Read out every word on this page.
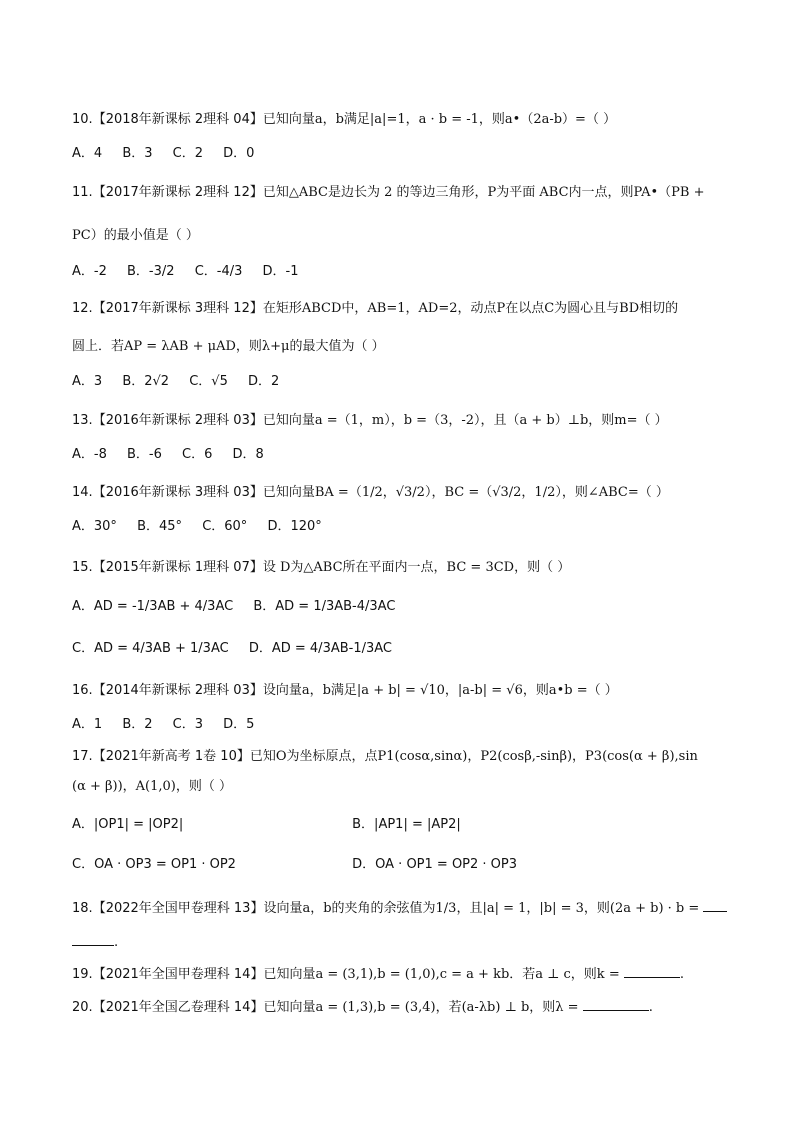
10.【2018年新课标 2理科 04】已知向量a，b满足|a|=1，a · b = -1，则a•（2a-b）=（ ）
A．4 B．3 C．2 D．0
11.【2017年新课标 2理科 12】已知△ABC是边长为 2 的等边三角形，P为平面 ABC内一点，则PA•（PB +
PC）的最小值是（ ）
A．-2 B．-3/2 C．-4/3 D．-1
12.【2017年新课标 3理科 12】在矩形ABCD中，AB=1，AD=2，动点P在以点C为圆心且与BD相切的
圆上．若AP = λAB + μAD，则λ+μ的最大值为（ ）
A．3 B．2√2 C．√5 D．2
13.【2016年新课标 2理科 03】已知向量a =（1，m），b =（3，-2），且（a + b）⊥b，则m=（ ）
A．-8 B．-6 C．6 D．8
14.【2016年新课标 3理科 03】已知向量BA =（1/2，√3/2），BC =（√3/2，1/2），则∠ABC=（ ）
A．30° B．45° C．60° D．120°
15.【2015年新课标 1理科 07】设 D为△ABC所在平面内一点，BC = 3CD，则（ ）
A．AD = -1/3AB + 4/3AC B．AD = 1/3AB-4/3AC
C．AD = 4/3AB + 1/3AC D．AD = 4/3AB-1/3AC
16.【2014年新课标 2理科 03】设向量a，b满足|a + b| = √10，|a-b| = √6，则a•b =（ ）
A．1 B．2 C．3 D．5
17.【2021年新高考 1卷 10】已知O为坐标原点，点P1(cosα,sinα)，P2(cosβ,-sinβ)，P3(cos(α + β),sin
(α + β))，A(1,0)，则（ ）
A．|OP1| = |OP2|	B．|AP1| = |AP2|
C．OA · OP3 = OP1 · OP2	D．OA · OP1 = OP2 · OP3
18.【2022年全国甲卷理科 13】设向量a，b的夹角的余弦值为1/3，且|a| = 1，|b| = 3，则(2a + b) · b =
.
19.【2021年全国甲卷理科 14】已知向量a = (3,1),b = (1,0),c = a + kb．若a ⊥ c，则k =	.
20.【2021年全国乙卷理科 14】已知向量a = (1,3),b = (3,4)，若(a-λb) ⊥ b，则λ =	.
